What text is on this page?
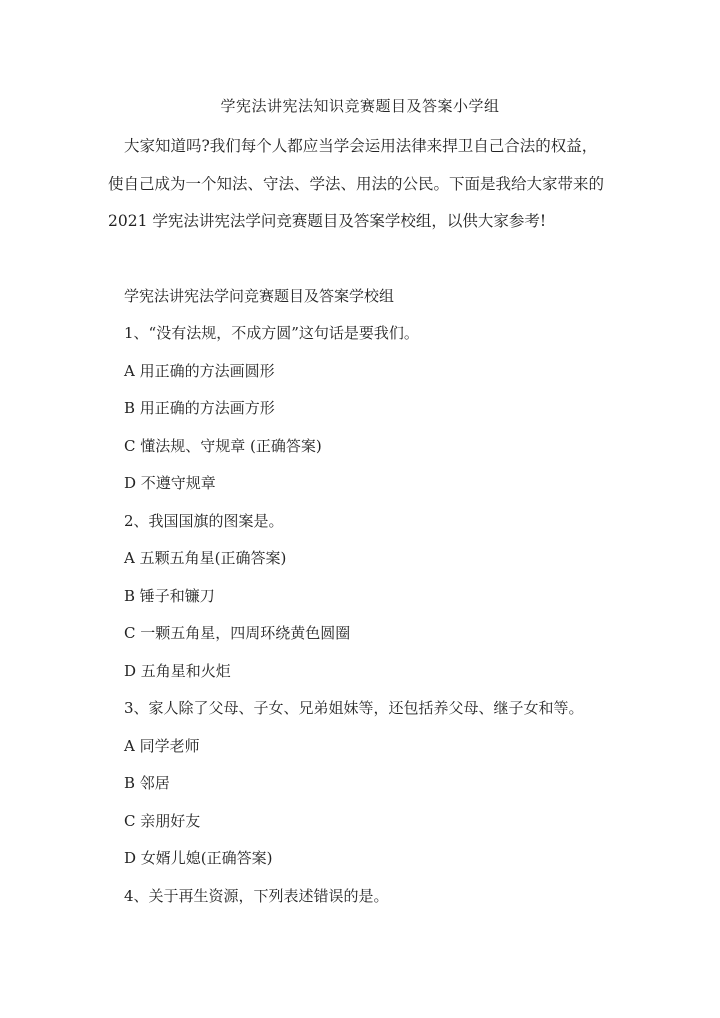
学宪法讲宪法知识竞赛题目及答案小学组
大家知道吗?我们每个人都应当学会运用法律来捍卫自己合法的权益，
使自己成为一个知法、守法、学法、用法的公民。下面是我给大家带来的
2021 学宪法讲宪法学问竞赛题目及答案学校组，以供大家参考!
学宪法讲宪法学问竞赛题目及答案学校组
1、“没有法规，不成方圆”这句话是要我们。
A 用正确的方法画圆形
B 用正确的方法画方形
C 懂法规、守规章 (正确答案)
D 不遵守规章
2、我国国旗的图案是。
A 五颗五角星(正确答案)
B 锤子和镰刀
C 一颗五角星，四周环绕黄色圆圈
D 五角星和火炬
3、家人除了父母、子女、兄弟姐妹等，还包括养父母、继子女和等。
A 同学老师
B 邻居
C 亲朋好友
D 女婿儿媳(正确答案)
4、关于再生资源，下列表述错误的是。
